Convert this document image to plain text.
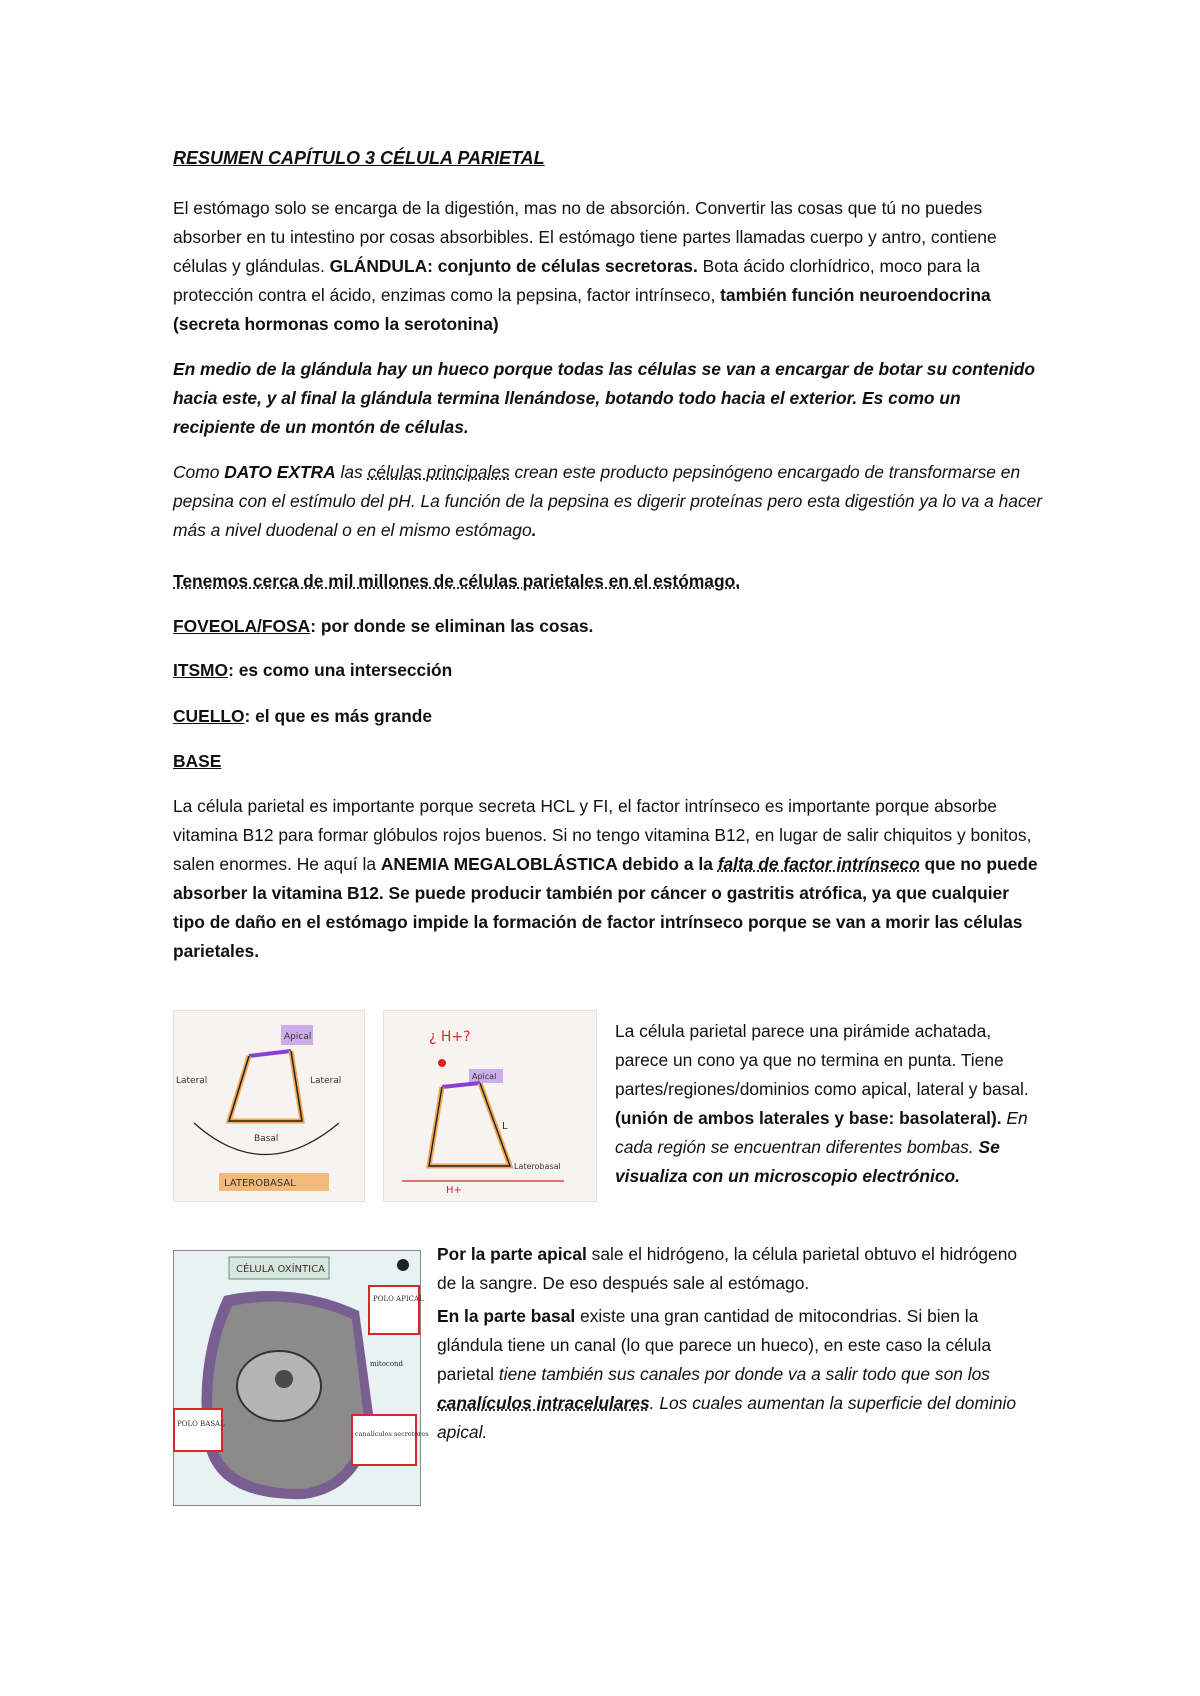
RESUMEN CAPÍTULO 3 CÉLULA PARIETAL

El estómago solo se encarga de la digestión, mas no de absorción. Convertir las cosas que tú no puedes absorber en tu intestino por cosas absorbibles. El estómago tiene partes llamadas cuerpo y antro, contiene células y glándulas. GLÁNDULA: conjunto de células secretoras. Bota ácido clorhídrico, moco para la protección contra el ácido, enzimas como la pepsina, factor intrínseco, también función neuroendocrina (secreta hormonas como la serotonina)

En medio de la glándula hay un hueco porque todas las células se van a encargar de botar su contenido hacia este, y al final la glándula termina llenándose, botando todo hacia el exterior. Es como un recipiente de un montón de células.

Como DATO EXTRA las células principales crean este producto pepsinógeno encargado de transformarse en pepsina con el estímulo del pH. La función de la pepsina es digerir proteínas pero esta digestión ya lo va a hacer más a nivel duodenal o en el mismo estómago.

Tenemos cerca de mil millones de células parietales en el estómago.

FOVEOLA/FOSA: por donde se eliminan las cosas.

ITSMO: es como una intersección

CUELLO: el que es más grande

BASE

La célula parietal es importante porque secreta HCL y FI, el factor intrínseco es importante porque absorbe vitamina B12 para formar glóbulos rojos buenos. Si no tengo vitamina B12, en lugar de salir chiquitos y bonitos, salen enormes. He aquí la ANEMIA MEGALOBLÁSTICA debido a la falta de factor intrínseco que no puede absorber la vitamina B12. Se puede producir también por cáncer o gastritis atrófica, ya que cualquier tipo de daño en el estómago impide la formación de factor intrínseco porque se van a morir las células parietales.

Apical
Lateral	Lateral
Basal
LATEROBASAL
¿ H+?
Apical
L
Laterobasal
H+

La célula parietal parece una pirámide achatada, parece un cono ya que no termina en punta. Tiene partes/regiones/dominios como apical, lateral y basal. (unión de ambos laterales y base: basolateral). En cada región se encuentran diferentes bombas. Se visualiza con un microscopio electrónico.

CÉLULA OXÍNTICA
POLO APICAL
mitocond
POLO BASAL
canalículos secretores

Por la parte apical sale el hidrógeno, la célula parietal obtuvo el hidrógeno de la sangre. De eso después sale al estómago.

En la parte basal existe una gran cantidad de mitocondrias. Si bien la glándula tiene un canal (lo que parece un hueco), en este caso la célula parietal tiene también sus canales por donde va a salir todo que son los canalículos intracelulares. Los cuales aumentan la superficie del dominio apical.
